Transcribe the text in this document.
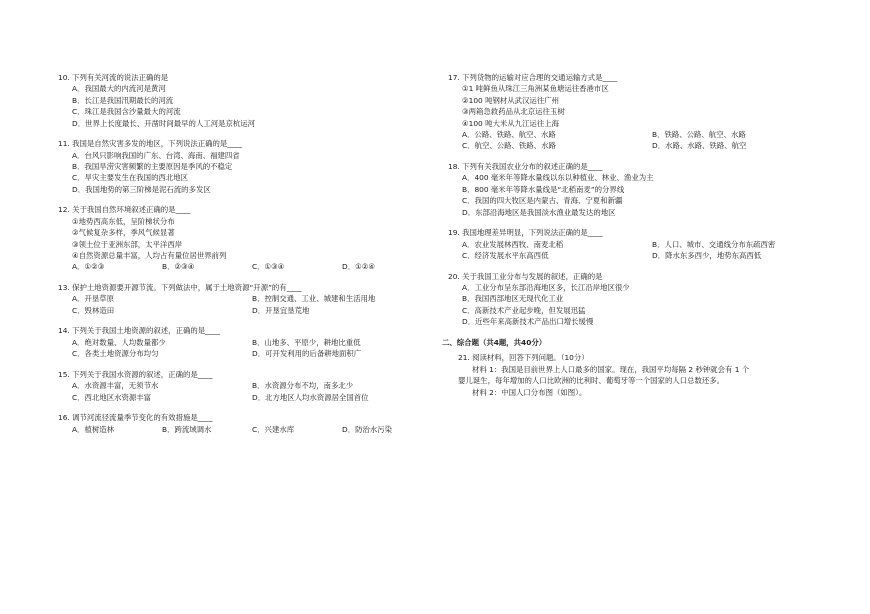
10. 下列有关河流的说法正确的是
A．我国最大的内流河是黄河
B．长江是我国汛期最长的河流
C．珠江是我国含沙量最大的河流
D．世界上长度最长、开凿时间最早的人工河是京杭运河
11. 我国是自然灾害多发的地区，下列说法正确的是____
A．台风只影响我国的广东、台湾、海南、福建四省
B．我国旱涝灾害频繁的主要原因是季风的不稳定
C．旱灾主要发生在我国的西北地区
D．我国地势的第三阶梯是泥石流的多发区
12. 关于我国自然环境叙述正确的是____
①地势西高东低，呈阶梯状分布
②气候复杂多样，季风气候显著
③领土位于亚洲东部，太平洋西岸
④自然资源总量丰富，人均占有量位居世界前列
A．①②③	B．②③④	C．①③④	D．①②④
13. 保护土地资源要开源节流。下列做法中，属于土地资源“开源”的有____
A．开垦草原	B．控制交通、工业、城建和生活用地
C．毁林造田	D．开垦宜垦荒地
14. 下列关于我国土地资源的叙述，正确的是____
A．绝对数量、人均数量都少	B．山地多、平原少，耕地比重低
C．各类土地资源分布均匀	D．可开发利用的后备耕地面积广
15. 下列关于我国水资源的叙述，正确的是____
A．水资源丰富，无须节水	B．水资源分布不均，南多北少
C．西北地区水资源丰富	D．北方地区人均水资源居全国首位
16. 调节河流径流量季节变化的有效措施是____
A．植树造林	B．跨流域调水	C．兴建水库	D．防治水污染
17. 下列货物的运输对应合理的交通运输方式是____
①1 吨鲜鱼从珠江三角洲某鱼塘运往香港市区
②100 吨钢材从武汉运往广州
③两箱急救药品从北京运往玉树
④100 吨大米从九江运往上海
A．公路、铁路、航空、水路	B．铁路、公路、航空、水路
C．航空、公路、铁路、水路	D．水路、水路、铁路、航空
18. 下列有关我国农业分布的叙述正确的是____
A．400 毫米年等降水量线以东以种植业、林业、渔业为主
B．800 毫米年等降水量线是“北稻南麦”的分界线
C．我国的四大牧区是内蒙古、青海、宁夏和新疆
D．东部沿海地区是我国淡水渔业最发达的地区
19. 我国地理差异明显，下列说法正确的是____
A．农业发展林西牧、南麦北稻	B．人口、城市、交通线分布东疏西密
C．经济发展水平东高西低	D．降水东多西少，地势东高西低
20. 关于我国工业分布与发展的叙述，正确的是
A．工业分布呈东部沿海地区多，长江沿岸地区很少
B．我国西部地区无现代化工业
C．高新技术产业起步晚，但发展迅猛
D．近些年来高新技术产品出口增长缓慢
二、综合题（共4题，共40分）
21. 阅读材料，回答下列问题。（10分）
材料 1：我国是目前世界上人口最多的国家。现在，我国平均每隔 2 秒钟就会有 1 个
婴儿诞生，每年增加的人口比欧洲的比利时、葡萄牙等一个国家的人口总数还多。
材料 2：中国人口分布图（如图）。
